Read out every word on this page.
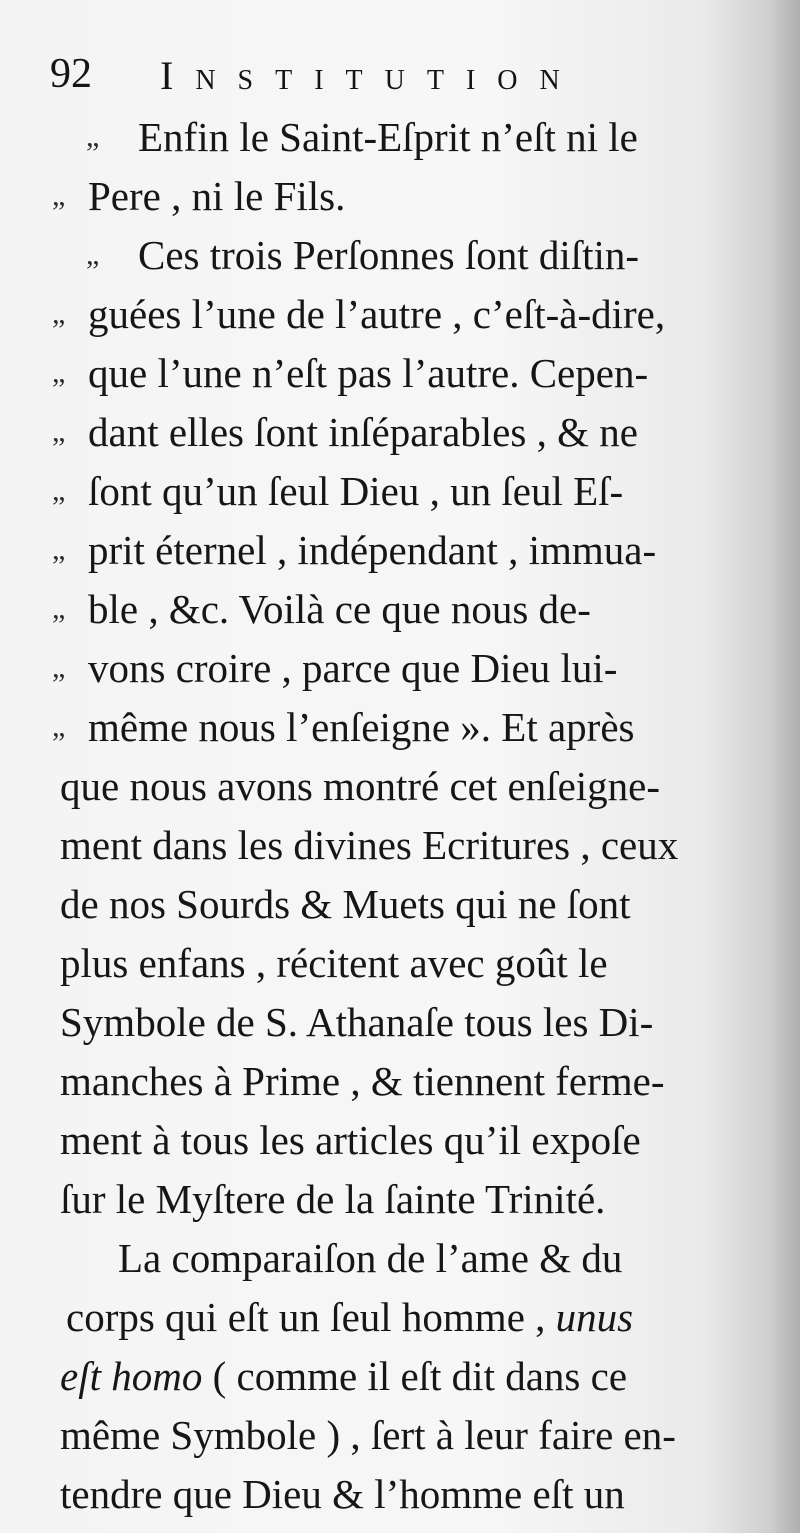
92 Institution
„ Enfin le Saint-Eſprit n’eſt ni le
„ Pere , ni le Fils.
„ Ces trois Perſonnes ſont diſtin-
„ guées l’une de l’autre , c’eſt-à-dire,
„ que l’une n’eſt pas l’autre. Cepen-
„ dant elles ſont inſéparables , & ne
„ ſont qu’un ſeul Dieu , un ſeul Eſ-
„ prit éternel , indépendant , immua-
„ ble , &c. Voilà ce que nous de-
„ vons croire , parce que Dieu lui-
„ même nous l’enſeigne ». Et après
que nous avons montré cet enſeigne-
ment dans les divines Ecritures , ceux
de nos Sourds & Muets qui ne ſont
plus enfans , récitent avec goût le
Symbole de S. Athanaſe tous les Di-
manches à Prime , & tiennent ferme-
ment à tous les articles qu’il expoſe
ſur le Myſtere de la ſainte Trinité.
La comparaiſon de l’ame & du
corps qui eſt un ſeul homme , unus
eſt homo ( comme il eſt dit dans ce
même Symbole ) , ſert à leur faire en-
tendre que Dieu & l’homme eſt un
